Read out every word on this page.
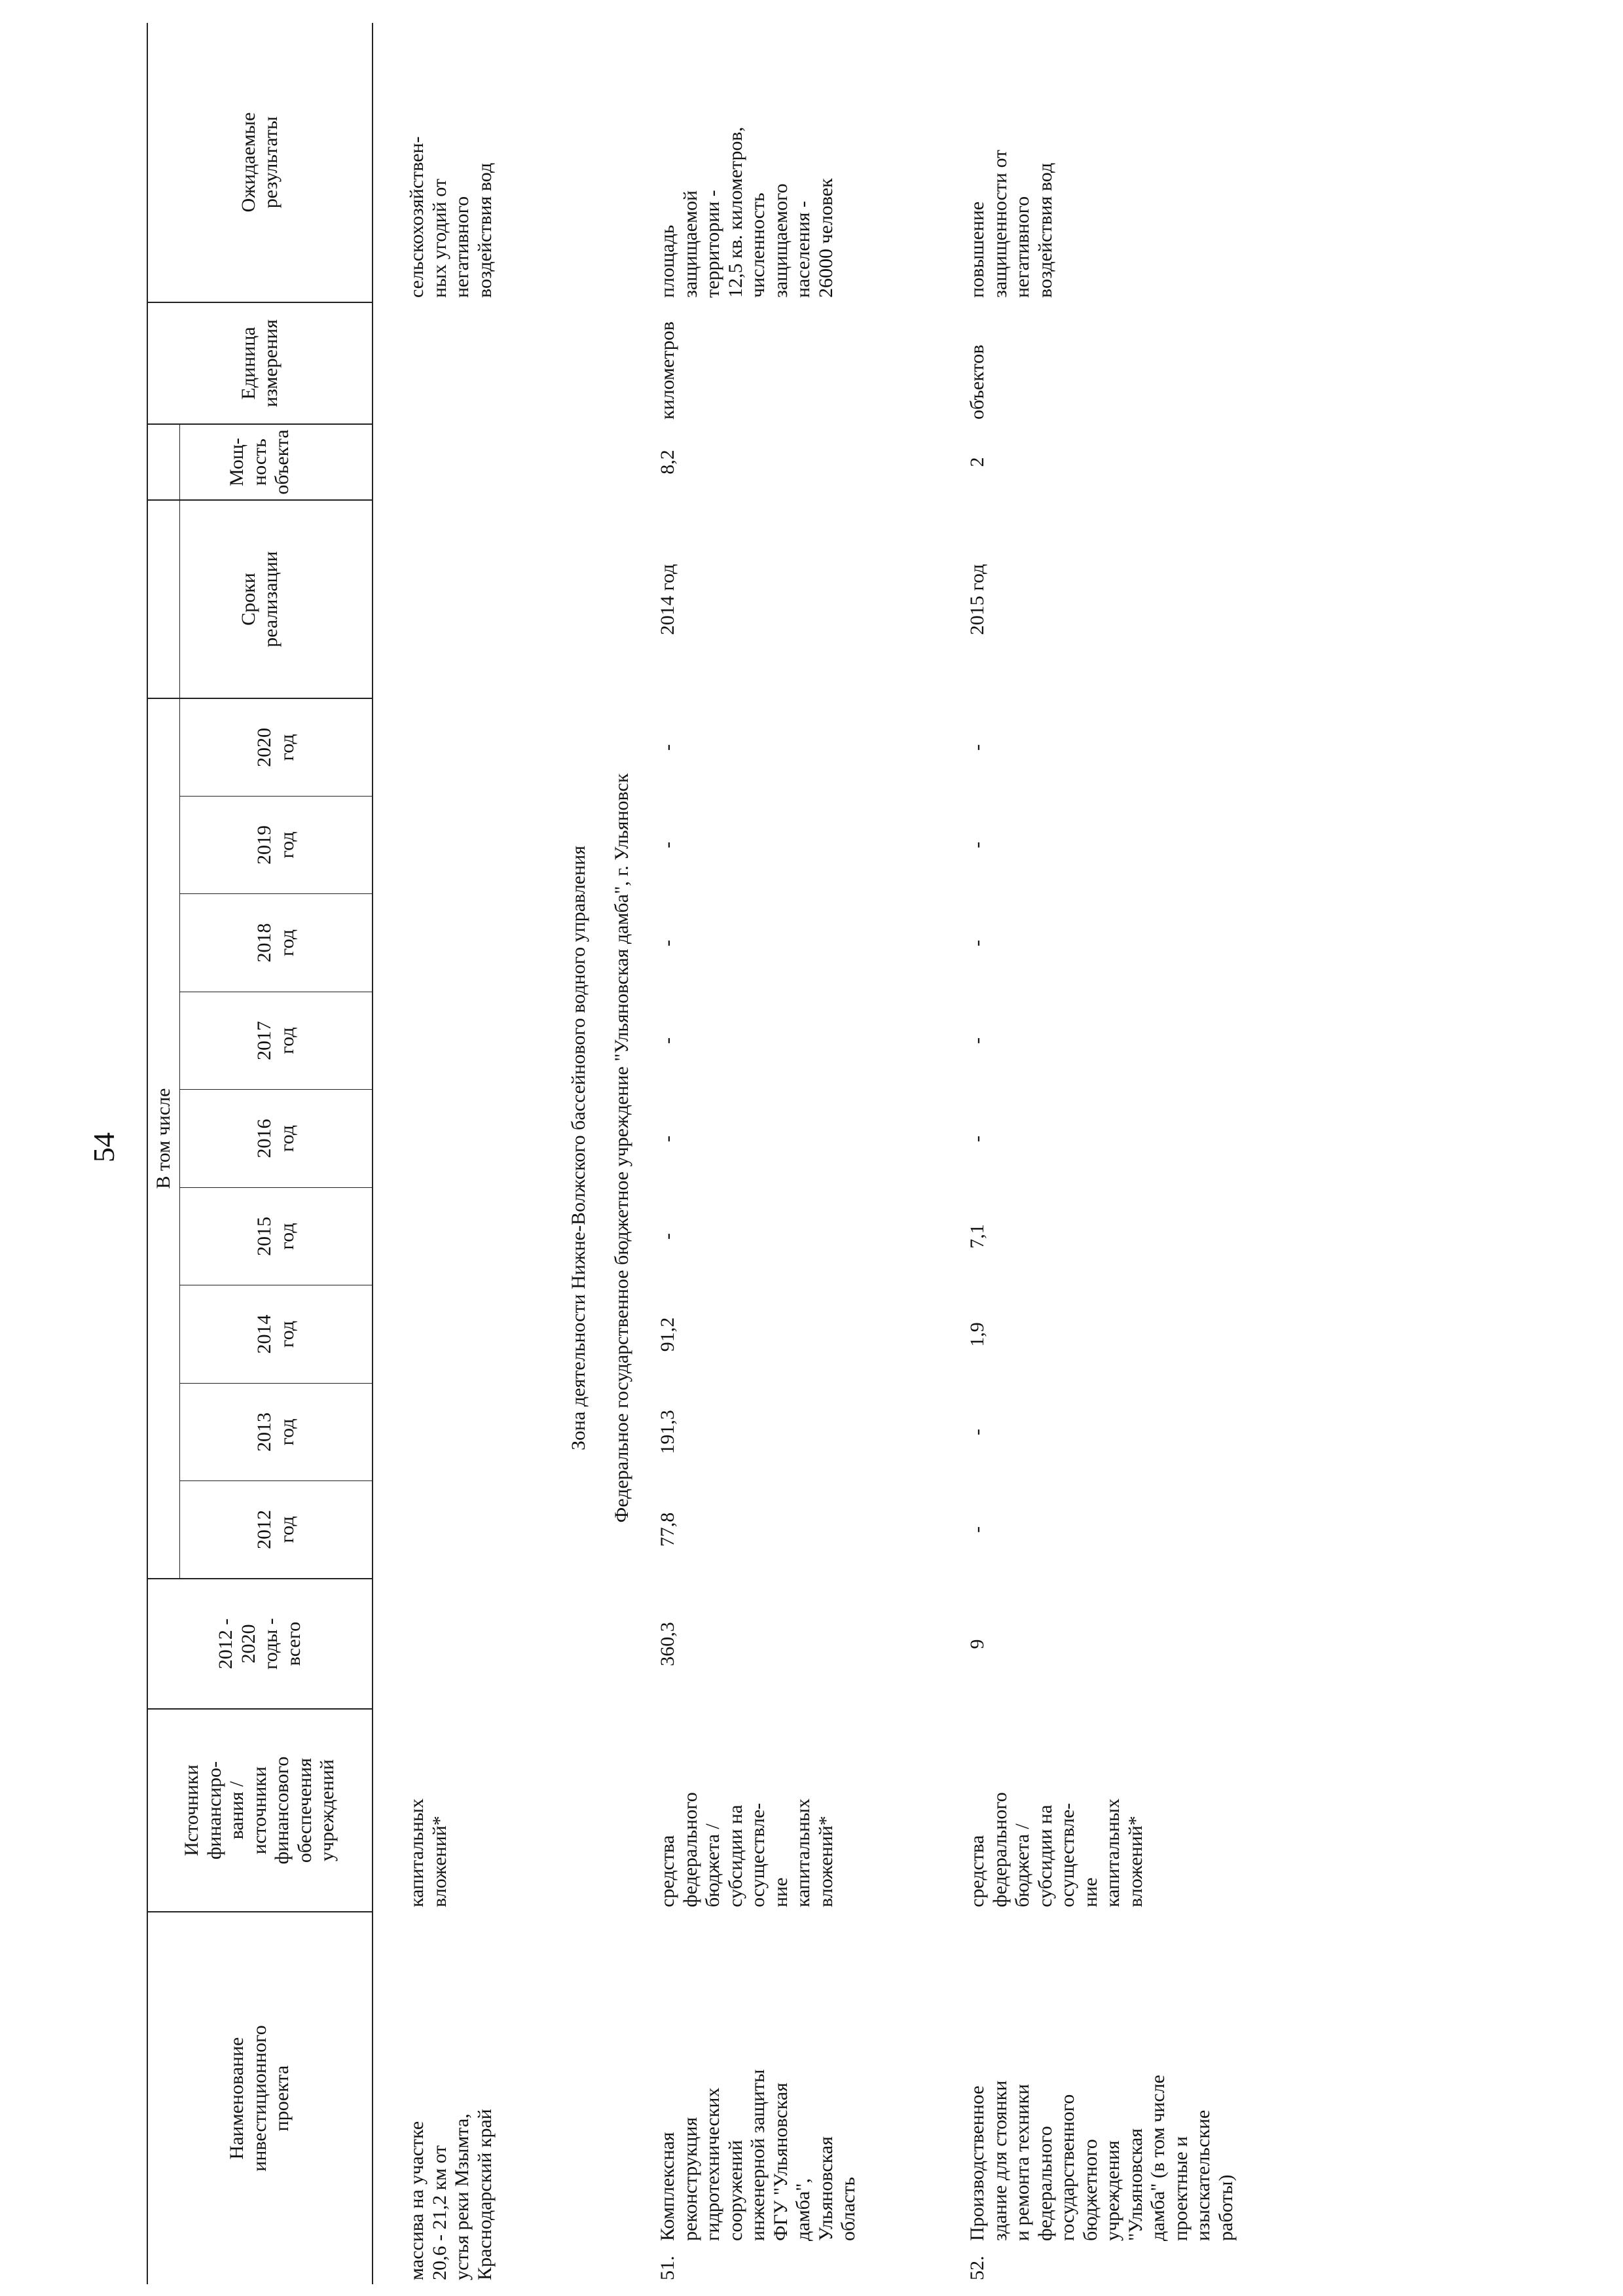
54
Наименование инвестиционного проекта
Источники финансиро- вания / источники финансового обеспечения учреждений
2012 - 2020 годы - всего
В том числе
2012 год
2013 год
2014 год
2015 год
2016 год
2017 год
2018 год
2019 год
2020 год
Сроки реализации
Мощ- ность объекта
Единица измерения
Ожидаемые результаты
массива на участке 20,6 - 21,2 км от устья реки Мзымта, Краснодарский край
капитальных вложений*
сельскохозяйствен- ных угодий от негативного воздействия вод
Зона деятельности Нижне-Волжского бассейнового водного управления Федеральное государственное бюджетное учреждение "Ульяновская дамба", г. Ульяновск
51.
Комплексная реконструкция гидротехнических сооружений инженерной защиты ФГУ "Ульяновская дамба", Ульяновская область
средства федерального бюджета / субсидии на осуществле- ние капитальных вложений*
360,3
77,8
191,3
91,2
-
-
-
-
-
-
2014 год
8,2
километров
площадь защищаемой территории - 12,5 кв. километров, численность защищаемого населения - 26000 человек
52.
Производственное здание для стоянки и ремонта техники федерального государственного бюджетного учреждения "Ульяновская дамба" (в том числе проектные и изыскательские работы)
средства федерального бюджета / субсидии на осуществле- ние капитальных вложений*
9
-
-
1,9
7,1
-
-
-
-
-
2015 год
2
объектов
повышение защищенности от негативного воздействия вод
